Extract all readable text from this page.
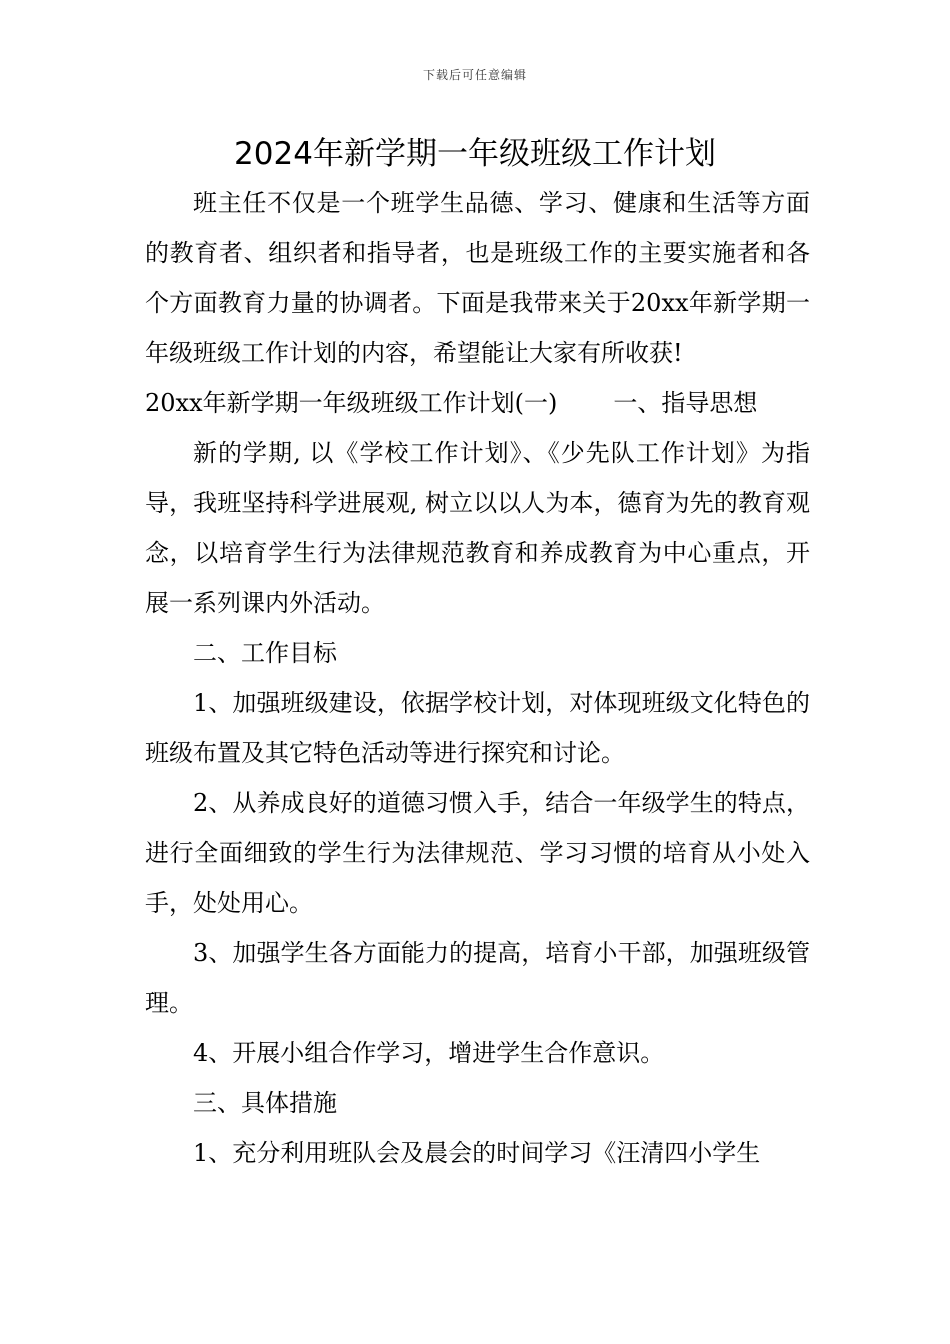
下载后可任意编辑
2024年新学期一年级班级工作计划

班主任不仅是一个班学生品德、学习、健康和生活等方面的教育者、组织者和指导者，也是班级工作的主要实施者和各个方面教育力量的协调者。下面是我带来关于20xx年新学期一年级班级工作计划的内容，希望能让大家有所收获!

20xx年新学期一年级班级工作计划(一) 一、指导思想

新的学期, 以《学校工作计划》、《少先队工作计划》为指导，我班坚持科学进展观, 树立以以人为本，德育为先的教育观念，以培育学生行为法律规范教育和养成教育为中心重点，开展一系列课内外活动。

二、工作目标

1、加强班级建设，依据学校计划，对体现班级文化特色的班级布置及其它特色活动等进行探究和讨论。

2、从养成良好的道德习惯入手，结合一年级学生的特点，进行全面细致的学生行为法律规范、学习习惯的培育从小处入手，处处用心。

3、加强学生各方面能力的提高，培育小干部，加强班级管理。

4、开展小组合作学习，增进学生合作意识。

三、具体措施

1、充分利用班队会及晨会的时间学习《汪清四小学生
